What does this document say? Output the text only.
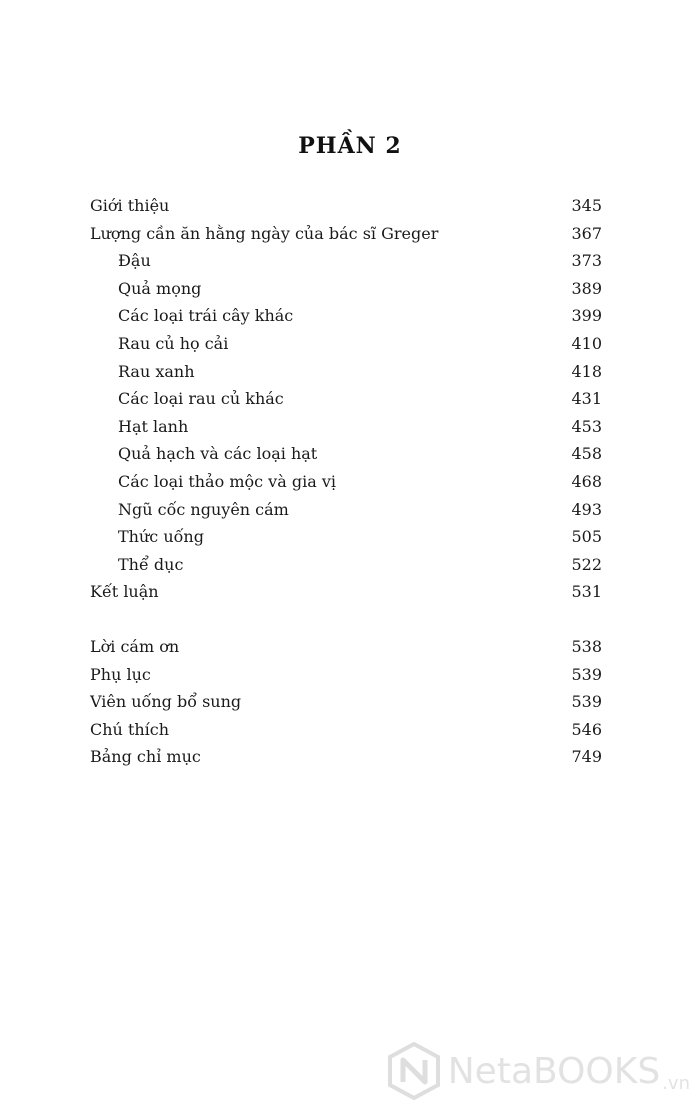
PHẦN 2
Giới thiệu	345
Lượng cần ăn hằng ngày của bác sĩ Greger	367
Đậu	373
Quả mọng	389
Các loại trái cây khác	399
Rau củ họ cải	410
Rau xanh	418
Các loại rau củ khác	431
Hạt lanh	453
Quả hạch và các loại hạt	458
Các loại thảo mộc và gia vị	468
Ngũ cốc nguyên cám	493
Thức uống	505
Thể dục	522
Kết luận	531
Lời cám ơn	538
Phụ lục	539
Viên uống bổ sung	539
Chú thích	546
Bảng chỉ mục	749
NetaBOOKS .vn
